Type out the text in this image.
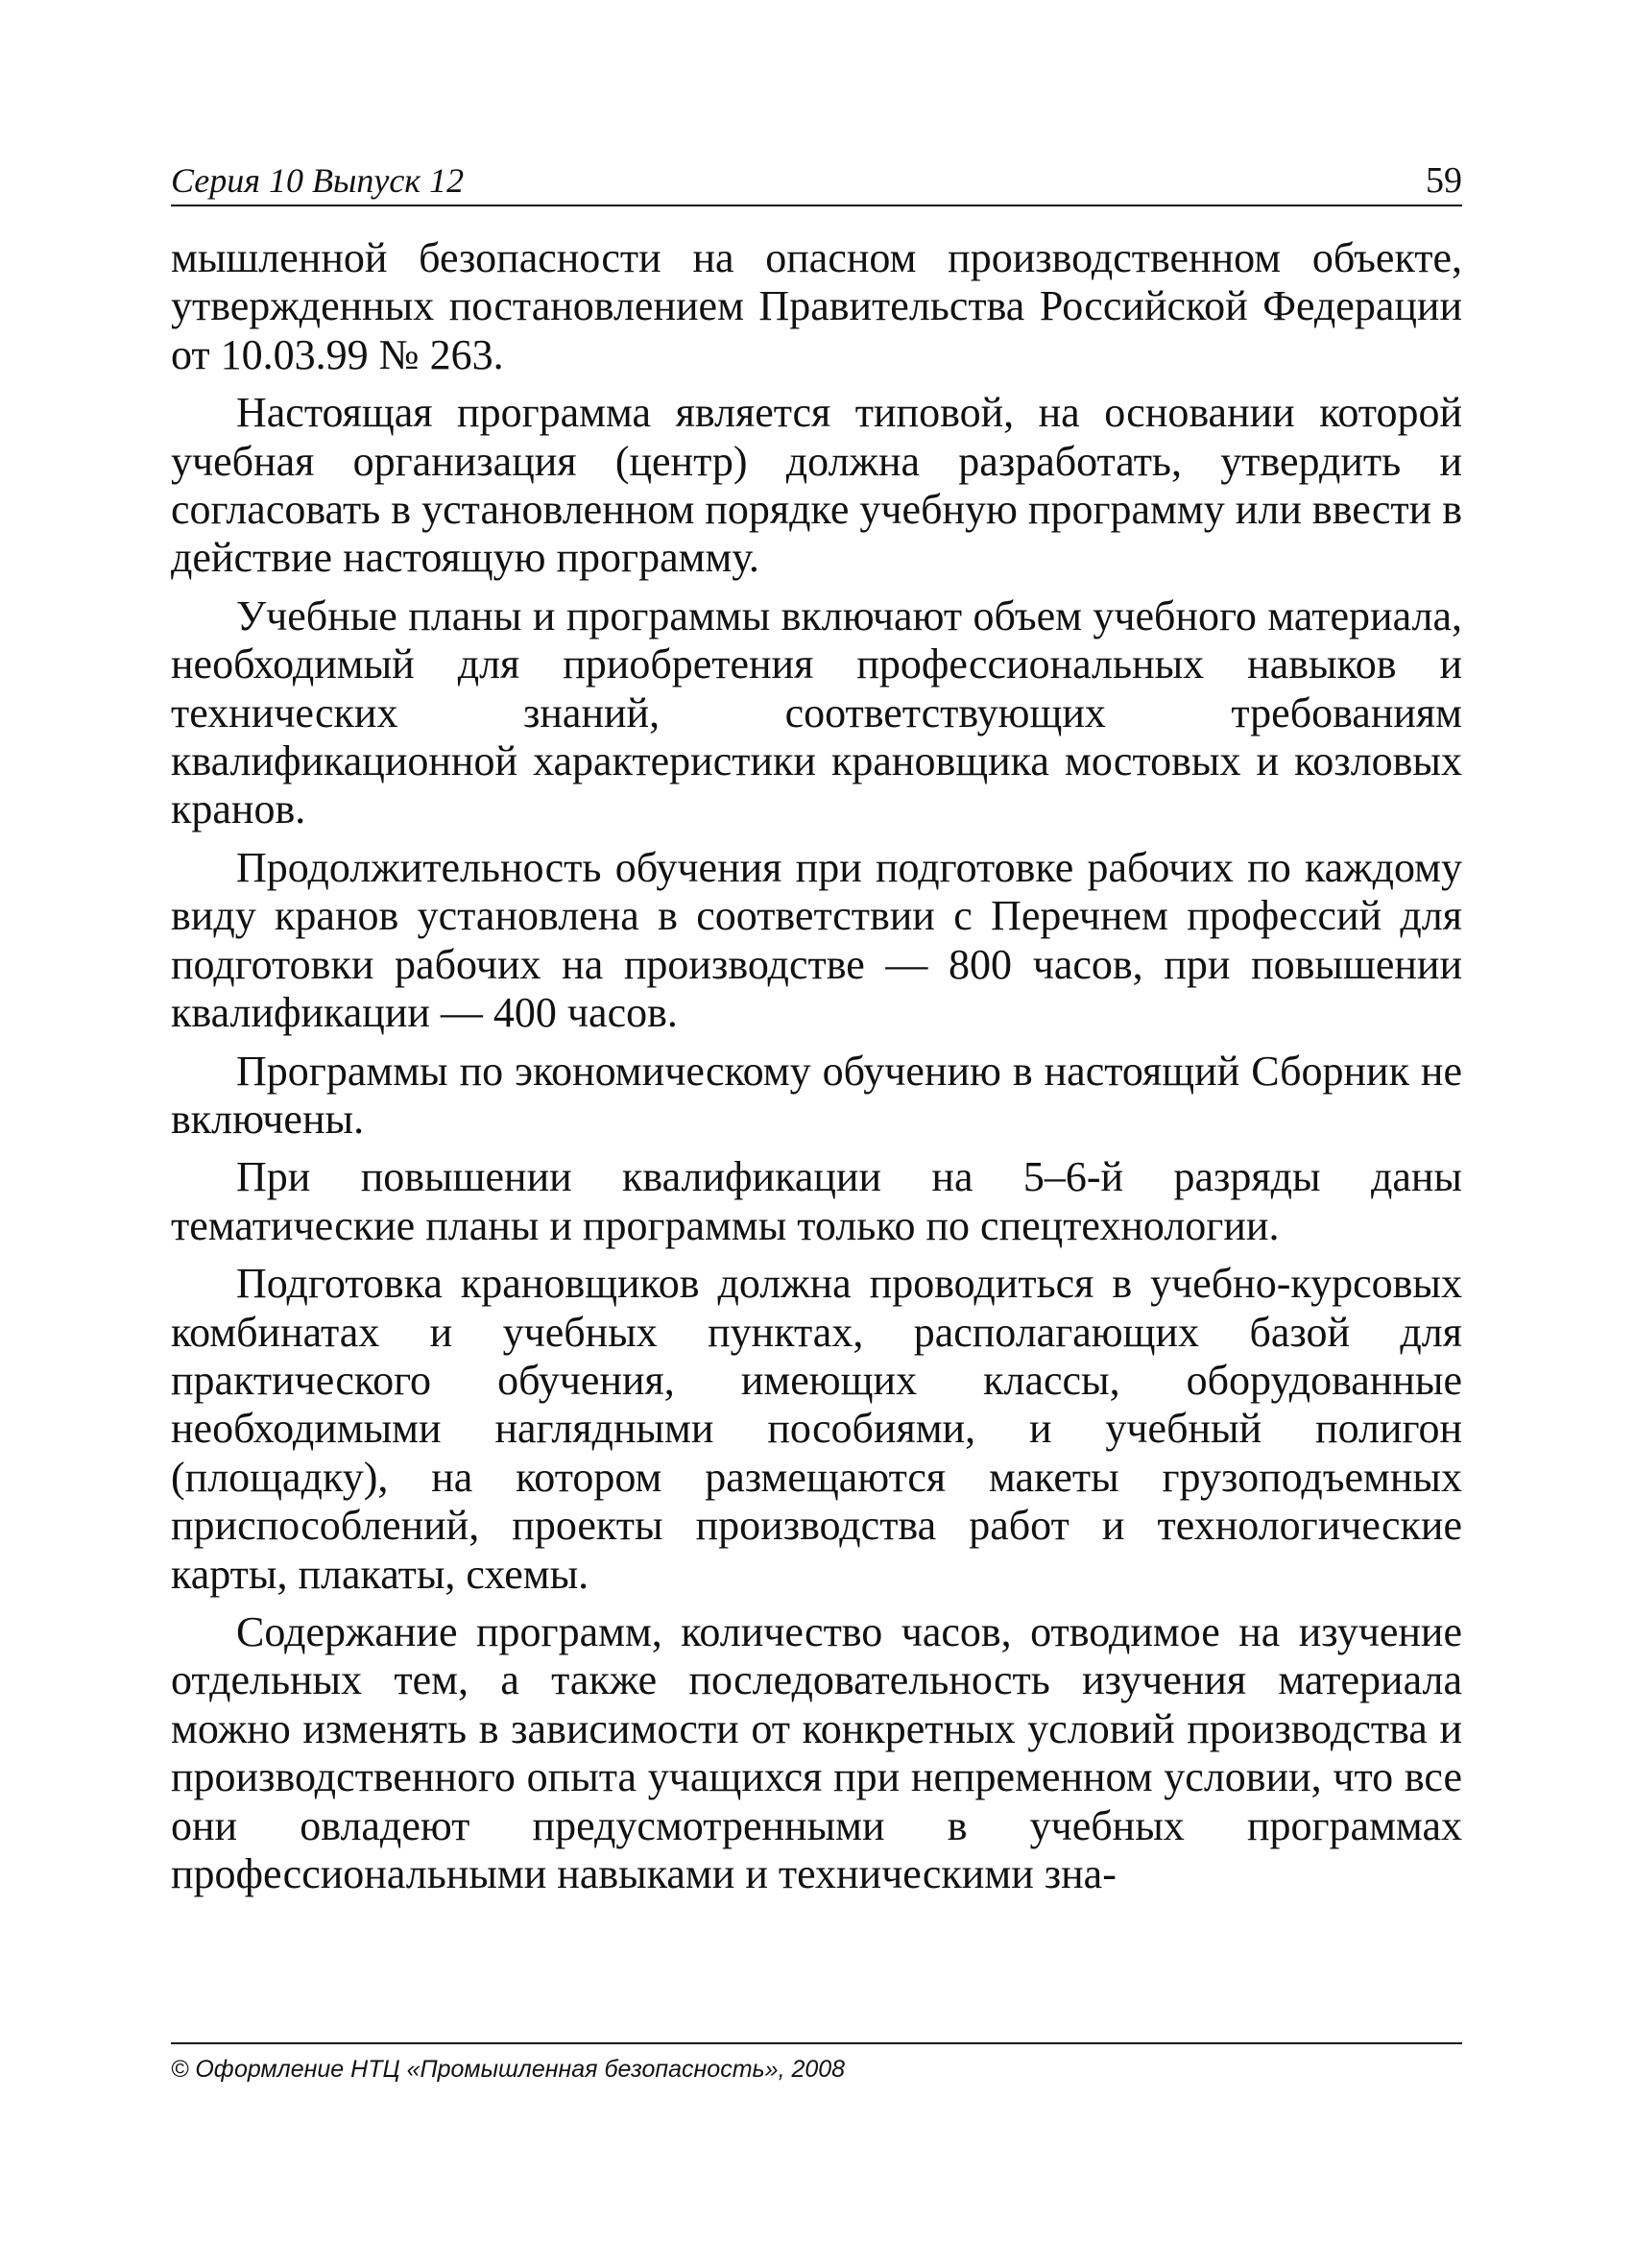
Серия 10 Выпуск 12	59

мышленной безопасности на опасном производственном объекте, утвержденных постановлением Правительства Российской Федерации от 10.03.99 № 263.

Настоящая программа является типовой, на основании которой учебная организация (центр) должна разработать, утвердить и согласовать в установленном порядке учебную программу или ввести в действие настоящую программу.

Учебные планы и программы включают объем учебного материала, необходимый для приобретения профессиональных навыков и технических знаний, соответствующих требованиям квалификационной характеристики крановщика мостовых и козловых кранов.

Продолжительность обучения при подготовке рабочих по каждому виду кранов установлена в соответствии с Перечнем профессий для подготовки рабочих на производстве — 800 часов, при повышении квалификации — 400 часов.

Программы по экономическому обучению в настоящий Сборник не включены.

При повышении квалификации на 5–6-й разряды даны тематические планы и программы только по спецтехнологии.

Подготовка крановщиков должна проводиться в учебно-курсовых комбинатах и учебных пунктах, располагающих базой для практического обучения, имеющих классы, оборудованные необходимыми наглядными пособиями, и учебный полигон (площадку), на котором размещаются макеты грузоподъемных приспособлений, проекты производства работ и технологические карты, плакаты, схемы.

Содержание программ, количество часов, отводимое на изучение отдельных тем, а также последовательность изучения материала можно изменять в зависимости от конкретных условий производства и производственного опыта учащихся при непременном условии, что все они овладеют предусмотренными в учебных программах профессиональными навыками и техническими зна-

© Оформление НТЦ «Промышленная безопасность», 2008
